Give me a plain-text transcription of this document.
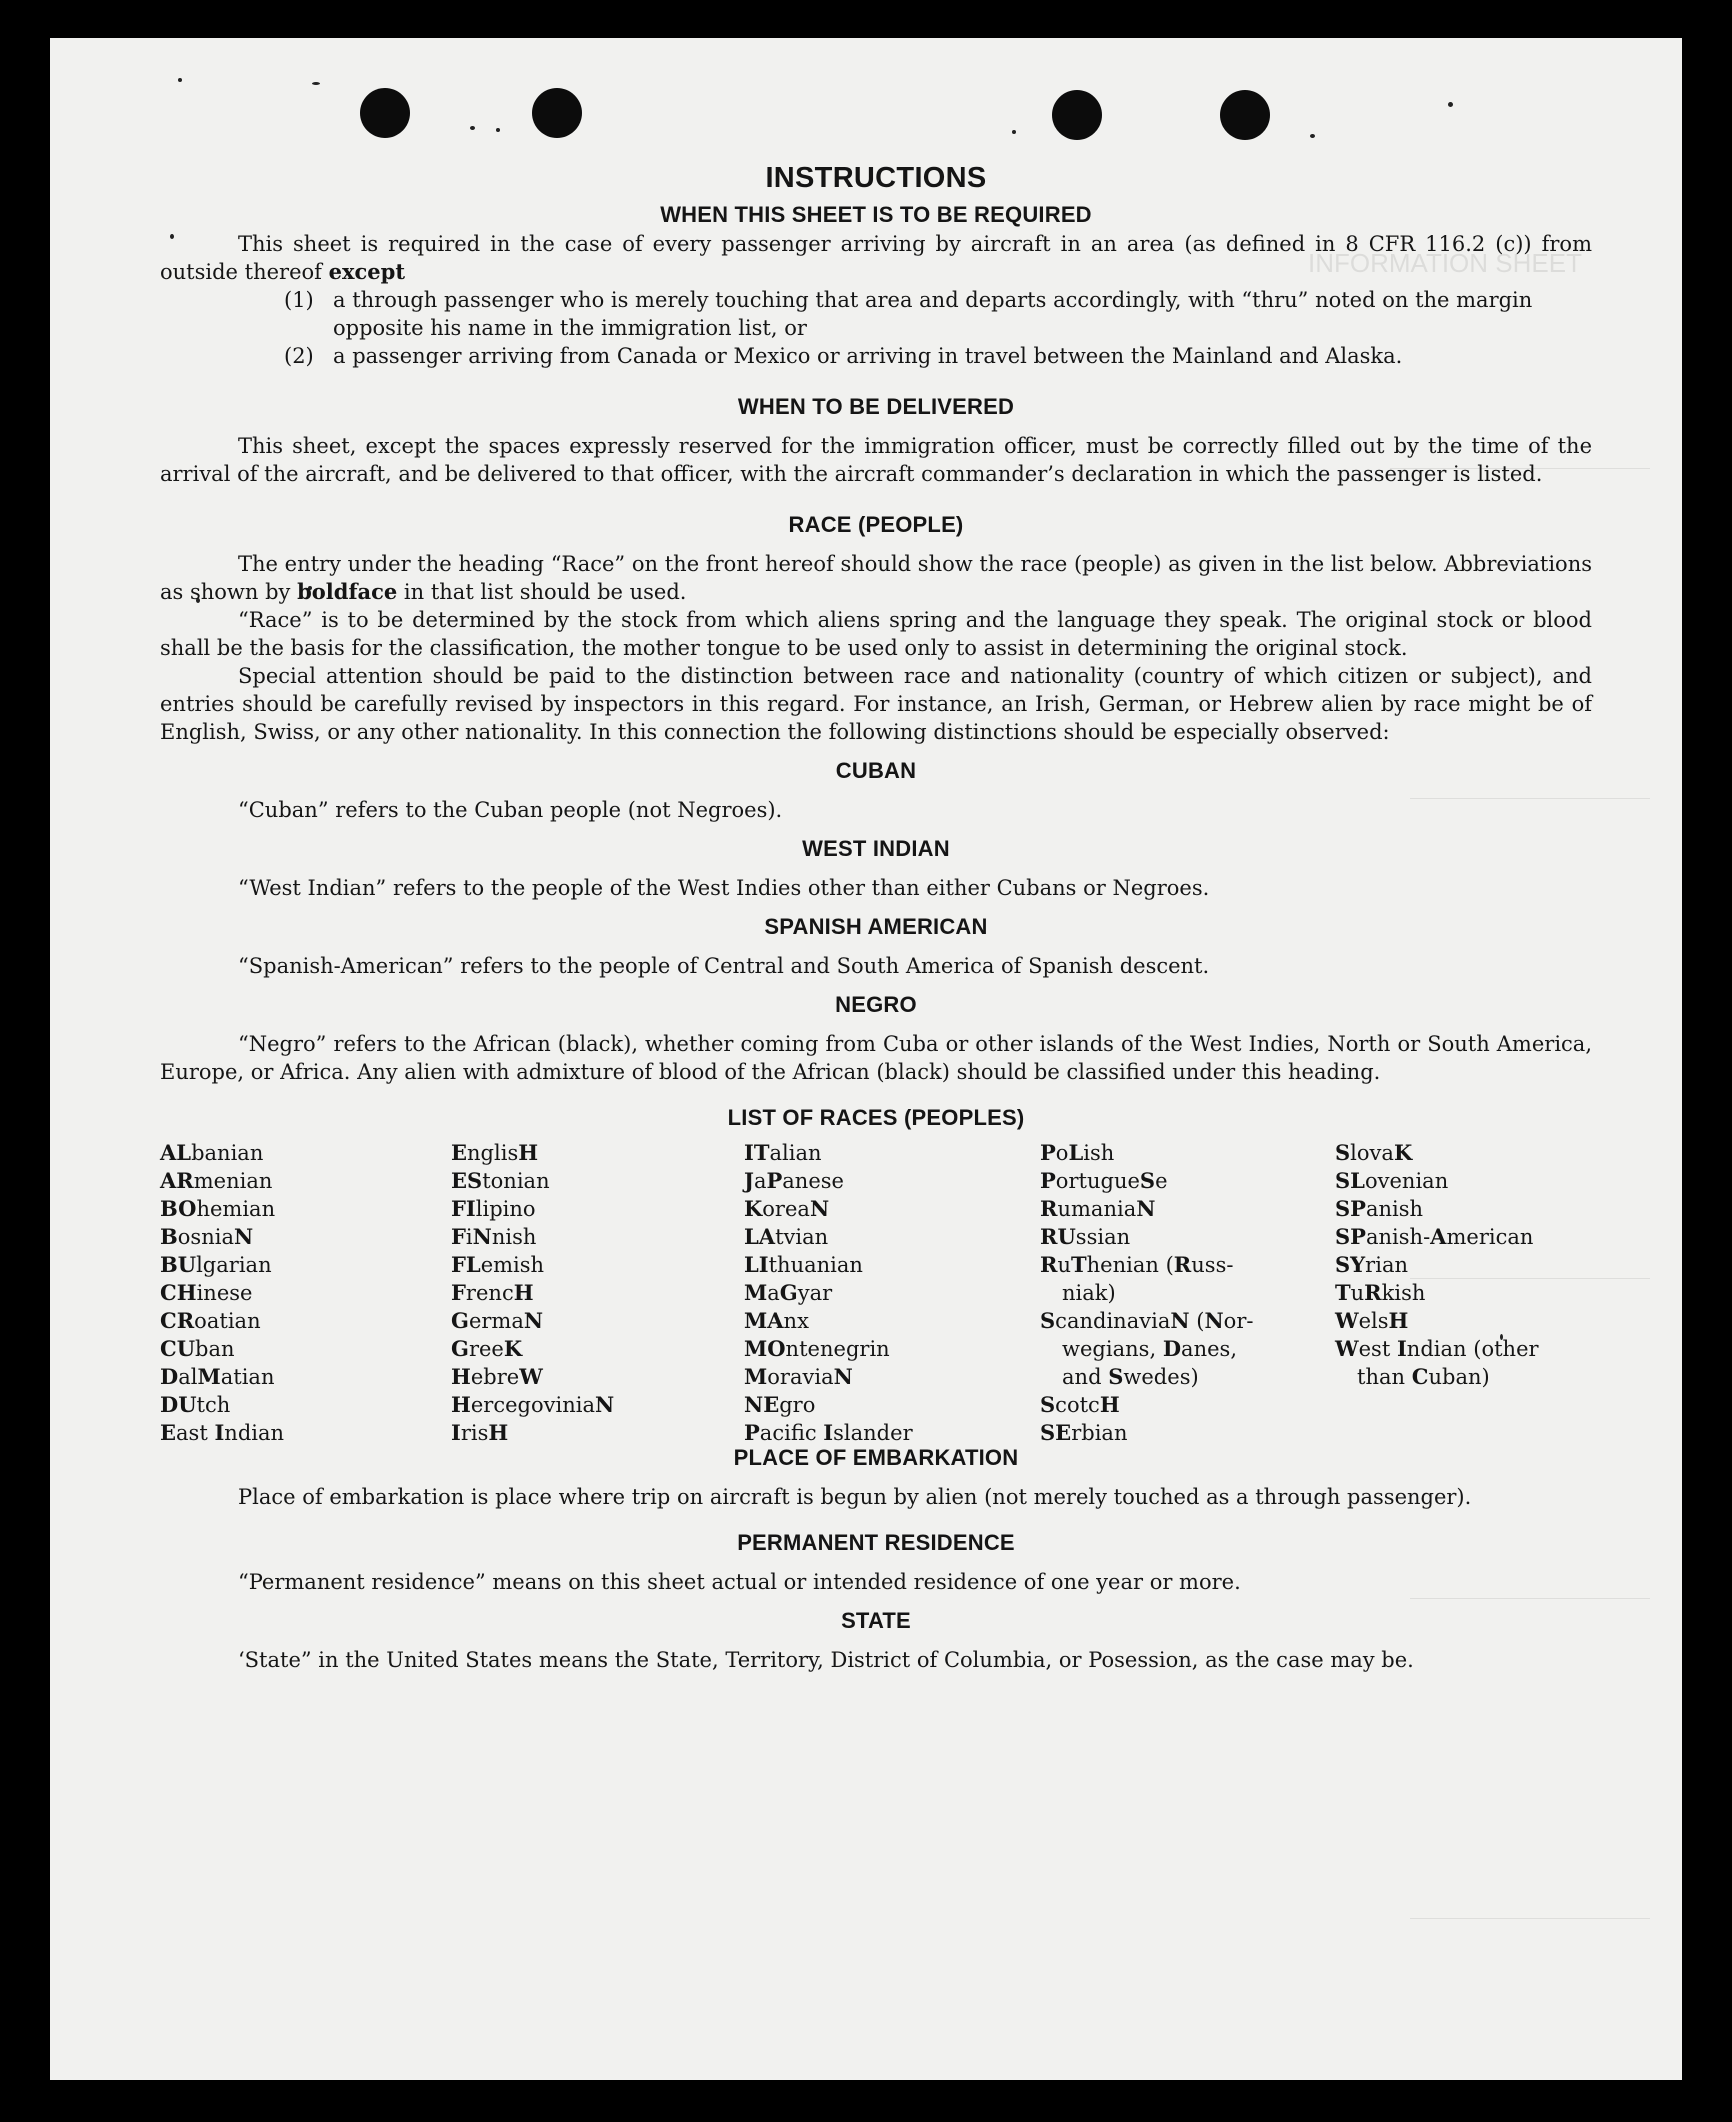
INFORMATION SHEET
INSTRUCTIONS
WHEN THIS SHEET IS TO BE REQUIRED

This sheet is required in the case of every passenger arriving by aircraft in an area (as defined in 8 CFR 116.2 (c)) from outside thereof except

(1) a through passenger who is merely touching that area and departs accordingly, with “thru” noted on the margin opposite his name in the immigration list, or
(2) a passenger arriving from Canada or Mexico or arriving in travel between the Mainland and Alaska.
WHEN TO BE DELIVERED

This sheet, except the spaces expressly reserved for the immigration officer, must be correctly filled out by the time of the arrival of the aircraft, and be delivered to that officer, with the aircraft commander’s declaration in which the passenger is listed.

RACE (PEOPLE)

The entry under the heading “Race” on the front hereof should show the race (people) as given in the list below. Abbreviations as shown by boldface in that list should be used.

“Race” is to be determined by the stock from which aliens spring and the language they speak. The original stock or blood shall be the basis for the classification, the mother tongue to be used only to assist in determining the original stock.

Special attention should be paid to the distinction between race and nationality (country of which citizen or subject), and entries should be carefully revised by inspectors in this regard. For instance, an Irish, German, or Hebrew alien by race might be of English, Swiss, or any other nationality. In this connection the following distinctions should be especially observed:

CUBAN

“Cuban” refers to the Cuban people (not Negroes).

WEST INDIAN

“West Indian” refers to the people of the West Indies other than either Cubans or Negroes.

SPANISH AMERICAN

“Spanish-American” refers to the people of Central and South America of Spanish descent.

NEGRO

“Negro” refers to the African (black), whether coming from Cuba or other islands of the West Indies, North or South America, Europe, or Africa. Any alien with admixture of blood of the African (black) should be classified under this heading.

LIST OF RACES (PEOPLES)
ALbanian
ARmenian
BOhemian
BosniaN
BUlgarian
CHinese
CRoatian
CUban
DalMatian
DUtch
East Indian
EnglisH
EStonian
FIlipino
FiNnish
FLemish
FrencH
GermaN
GreeK
HebreW
HercegoviniaN
IrisH
ITalian
JaPanese
KoreaN
LAtvian
LIthuanian
MaGyar
MAnx
MOntenegrin
MoraviaN
NEgro
Pacifc Islander
PoLish
PortugueSe
RumaniaN
RUssian
RuThenian (Russ-
niak)
ScandinaviaN (Nor-
wegians, Danes,
and Swedes)
ScotcH
SErbian
SlovaK
SLovenian
SPanish
SPanish-American
SYrian
TuRkish
WelsH
West Indian (other
than Cuban)
PLACE OF EMBARKATION

Place of embarkation is place where trip on aircraft is begun by alien (not merely touched as a through passenger).

PERMANENT RESIDENCE

“Permanent residence” means on this sheet actual or intended residence of one year or more.

STATE

‘State” in the United States means the State, Territory, District of Columbia, or Posession, as the case may be.
